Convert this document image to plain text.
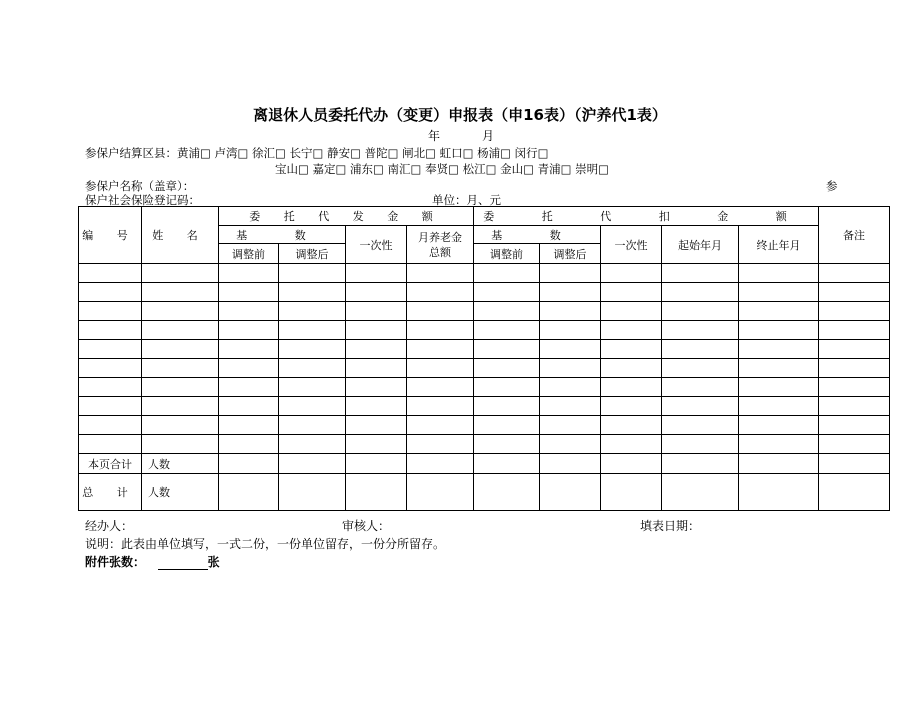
离退休人员委托代办（变更）申报表（申16表）（沪养代1表）
年	月
参保户结算区县：黄浦□ 卢湾□ 徐汇□ 长宁□ 静安□ 普陀□ 闸北□ 虹口□ 杨浦□ 闵行□
宝山□ 嘉定□ 浦东□ 南汇□ 奉贤□ 松江□ 金山□ 青浦□ 崇明□
参保户名称（盖章）：	参
保户社会保险登记码：	单位：月、元
编 号	姓 名	委 托 代 发 金 额				委 托 代 扣 金 额					备注
		基 数		一次性	月养老金总额	基 数		一次性	起始年月	终止年月	
		调整前	调整后			调整前	调整后				

本页合计	人数										
总 计	人数										
经办人：	审核人：	填表日期：
说明：此表由单位填写，一式二份，一份单位留存，一份分所留存。
附件张数：	张
